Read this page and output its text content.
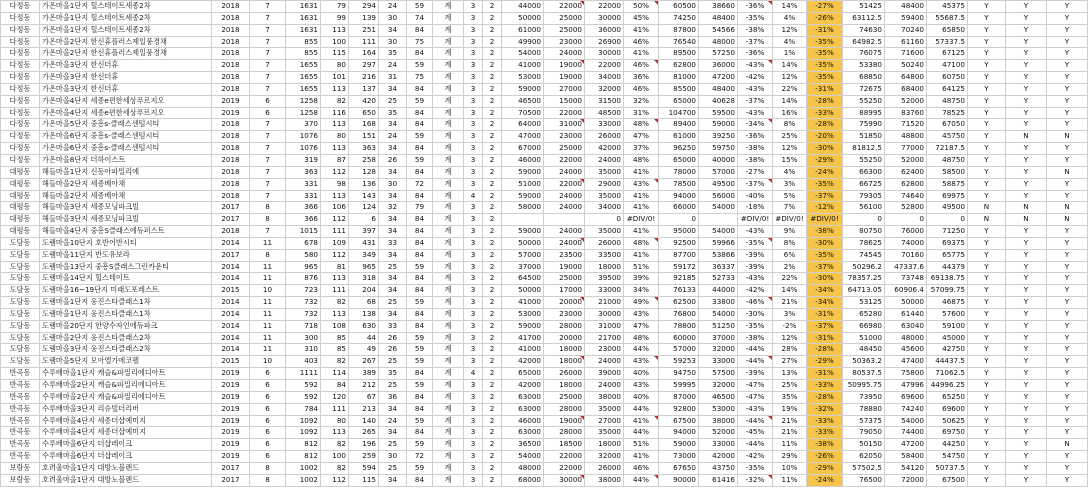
다정동	가온마을1단지 힐스테이트세종2차	2018	7	1631	79	294	24	59	계	3	2	44000	22000	22000	50%	60500	38660	-36%	14%	-27%	51425	48400	45375	Y	Y	Y
다정동	가온마을1단지 힐스테이트세종2차	2018	7	1631	99	139	30	74	계	3	2	50000	25000	30000	45%	74250	48400	-35%	4%	-26%	63112.5	59400	55687.5	Y	Y	Y
다정동	가온마을1단지 힐스테이트세종2차	2018	7	1631	113	251	34	84	계	3	2	61000	25000	36000	41%	87800	54566	-38%	12%	-31%	74630	70240	65850	Y	Y	Y
다정동	가온마을2단지 한신휴플러스제일풍경채	2018	7	855	100	111	30	75	계	3	2	49900	23000	26900	46%	76540	48000	-37%	4%	-35%	64982.5	61160	57337.5	Y	Y	Y
다정동	가온마을2단지 한신휴플러스제일풍경채	2018	7	855	115	164	35	84	계	3	2	54000	24000	30000	41%	89500	57250	-36%	1%	-35%	76075	71600	67125	Y	Y	Y
다정동	가온마을3단지 한신더휴	2018	7	1655	80	297	24	59	계	3	2	41000	19000	22000	46%	62800	36000	-43%	14%	-35%	53380	50240	47100	Y	Y	Y
다정동	가온마을3단지 한신더휴	2018	7	1655	101	216	31	75	계	3	2	53000	19000	34000	36%	81000	47200	-42%	12%	-35%	68850	64800	60750	Y	Y	Y
다정동	가온마을3단지 한신더휴	2018	7	1655	113	137	34	84	계	3	2	59000	27000	32000	46%	85500	48400	-43%	22%	-31%	72675	68400	64125	Y	Y	Y
다정동	가온마을4단지 세종e편한세상푸르지오	2019	6	1258	82	420	25	59	계	3	2	46500	15000	31500	32%	65000	40628	-37%	14%	-28%	55250	52000	48750	Y	Y	Y
다정동	가온마을4단지 세종e편한세상푸르지오	2019	6	1258	116	650	35	84	계	3	2	70500	22000	48500	31%	104700	59500	-43%	16%	-33%	88995	83760	78525	Y	Y	Y
다정동	가온마을5단지 중흥s-클래스센텀시티	2018	7	370	113	168	34	84	계	3	2	64000	31000	33000	48%	89400	59000	-34%	8%	-28%	75990	71520	67050	Y	Y	Y
다정동	가온마을6단지 중흥s-클래스센텀시티	2018	7	1076	80	151	24	59	계	3	2	47000	23000	26000	47%	61000	39250	-36%	25%	-20%	51850	48800	45750	Y	N	N
다정동	가온마을6단지 중흥s-클래스센텀시티	2018	7	1076	113	363	34	84	계	3	2	67000	25000	42000	37%	96250	59750	-38%	12%	-30%	81812.5	77000	72187.5	Y	Y	Y
다정동	가온마을8단지 더하이스트	2018	7	319	87	258	26	59	계	3	2	46000	22000	24000	48%	65000	40000	-38%	15%	-29%	55250	52000	48750	Y	Y	Y
대평동	해들마을1단지 신동아파밀리에	2018	7	363	112	128	34	84	계	3	2	59000	24000	35000	41%	78000	57000	-27%	4%	-24%	66300	62400	58500	Y	Y	N
대평동	해들마을2단지 세종베아채	2018	7	331	98	136	30	72	계	3	2	51000	22000	29000	43%	78500	49500	-37%	3%	-35%	66725	62800	58875	Y	Y	Y
대평동	해들마을2단지 세종베아채	2018	7	331	113	143	34	84	계	4	2	59000	24000	35000	41%	94000	56000	-40%	5%	-37%	79305	74640	69975	Y	Y	Y
대평동	해들마을3단지 세종모닝파크빌	2017	8	366	106	124	32	79	계	3	2	58000	24000	34000	41%	66000	54000	-18%	7%	-12%	56100	52800	49500	N	N	N
대평동	해들마을3단지 세종모닝파크빌	2017	8	366	112	6	34	84	계	3	2			0	#DIV/0!	0		#DIV/0!	#DIV/0!	#DIV/0!	0	0	0	N	N	N
대평동	해들마을4단지 중흥S클래스에듀퍼스트	2018	7	1015	111	397	34	84	계	3	2	59000	24000	35000	41%	95000	54000	-43%	9%	-38%	80750	76000	71250	Y	Y	Y
도담동	도램마을10단지 호반어반시티	2014	11	678	109	431	33	84	계	3	2	50000	24000	26000	48%	92500	59966	-35%	8%	-30%	78625	74000	69375	Y	Y	Y
도담동	도램마을11단지 반도유보라	2017	8	580	112	349	34	84	계	3	2	57000	23500	33500	41%	87700	53866	-39%	6%	-35%	74545	70160	65775	Y	Y	Y
도담동	도램마을13단지 중흥S클래스그린카운티	2014	11	965	81	965	25	59	계	3	2	37000	19000	18000	51%	59172	36337	-39%	2%	-37%	50296.2	47337.6	44379	Y	Y	Y
도담동	도램마을14단지 힐스테이트	2014	11	876	113	318	34	84	계	3	2	64500	25000	39500	39%	92185	52733	-43%	22%	-30%	78357.25	73748	69138.75	Y	Y	Y
도담동	도램마을16~19단지 미래도포레스트	2015	10	723	111	204	34	84	계	3	2	50000	17000	33000	34%	76133	44000	-42%	14%	-34%	64713.05	60906.4	57099.75	Y	Y	Y
도담동	도램마을1단지 웅진스타클래스1차	2014	11	732	82	68	25	59	계	3	2	41000	20000	21000	49%	62500	33800	-46%	21%	-34%	53125	50000	46875	Y	Y	Y
도담동	도램마을1단지 웅진스타클래스1차	2014	11	732	113	138	34	84	계	3	2	53000	23000	30000	43%	76800	54000	-30%	3%	-31%	65280	61440	57600	Y	Y	Y
도담동	도램마을20단지 한양수자인에듀파크	2014	11	718	108	630	33	84	계	3	2	59000	28000	31000	47%	78800	51250	-35%	-2%	-37%	66980	63040	59100	Y	Y	Y
도담동	도램마을2단지 웅진스타클래스2차	2014	11	300	85	44	26	59	계	3	2	41700	20000	21700	48%	60000	37000	-38%	12%	-31%	51000	48000	45000	Y	Y	Y
도담동	도램마을3단지 웅진스타클래스2차	2014	11	310	85	49	26	59	계	3	2	41000	18000	23000	44%	57000	32000	-44%	28%	-28%	48450	45600	42750	Y	Y	Y
도담동	도램마을5단지 모아엘가에코펠	2015	10	403	82	267	25	59	계	3	2	42000	18000	24000	43%	59253	33000	-44%	27%	-29%	50363.2	47400	44437.5	Y	Y	Y
반곡동	수루배마을1단지 캐슬&파밀리에디아트	2019	6	1111	114	389	35	84	계	4	2	65000	26000	39000	40%	94750	57500	-39%	13%	-31%	80537.5	75800	71062.5	Y	Y	Y
반곡동	수루배마을2단지 캐슬&파밀리에디아트	2019	6	592	84	212	25	59	계	3	2	42000	18000	24000	43%	59995	32000	-47%	25%	-33%	50995.75	47996	44996.25	Y	Y	Y
반곡동	수루배마을2단지 캐슬&파밀리에디아트	2019	6	592	120	67	36	84	계	3	2	63000	25000	38000	40%	87000	46500	-47%	35%	-28%	73950	69600	65250	Y	Y	Y
반곡동	수루배마을3단지 리슈빌더리버	2019	6	784	111	213	34	84	계	3	2	63000	28000	35000	44%	92800	53000	-43%	19%	-32%	78880	74240	69600	Y	Y	Y
반곡동	수루배마을4단지 세종더샵예미지	2019	6	1092	80	140	24	59	계	3	2	46000	19000	27000	41%	67500	38000	-44%	21%	-33%	57375	54000	50625	Y	Y	Y
반곡동	수루배마을4단지 세종더샵예미지	2019	6	1092	113	265	34	84	계	3	2	63000	28000	35000	44%	94000	52000	-45%	21%	-33%	79050	74400	69750	Y	Y	Y
반곡동	수루배마을6단지 더샵레이크	2019	6	812	82	196	25	59	계	3	2	36500	18500	18000	51%	59000	33000	-44%	11%	-38%	50150	47200	44250	Y	Y	N
반곡동	수루배마을6단지 더샵레이크	2019	6	812	100	259	30	72	계	3	2	54000	22000	32000	41%	73000	42000	-42%	29%	-26%	62050	58400	54750	Y	Y	Y
보람동	호려울마을1단지 대방노블랜드	2017	8	1002	82	594	25	59	계	3	2	48000	22000	26000	46%	67650	43750	-35%	10%	-29%	57502.5	54120	50737.5	Y	Y	Y
보람동	호려울마을1단지 대방노블랜드	2017	8	1002	112	115	34	84	계	3	2	68000	30000	38000	44%	90000	61416	-32%	11%	-24%	76500	72000	67500	Y	Y	Y
